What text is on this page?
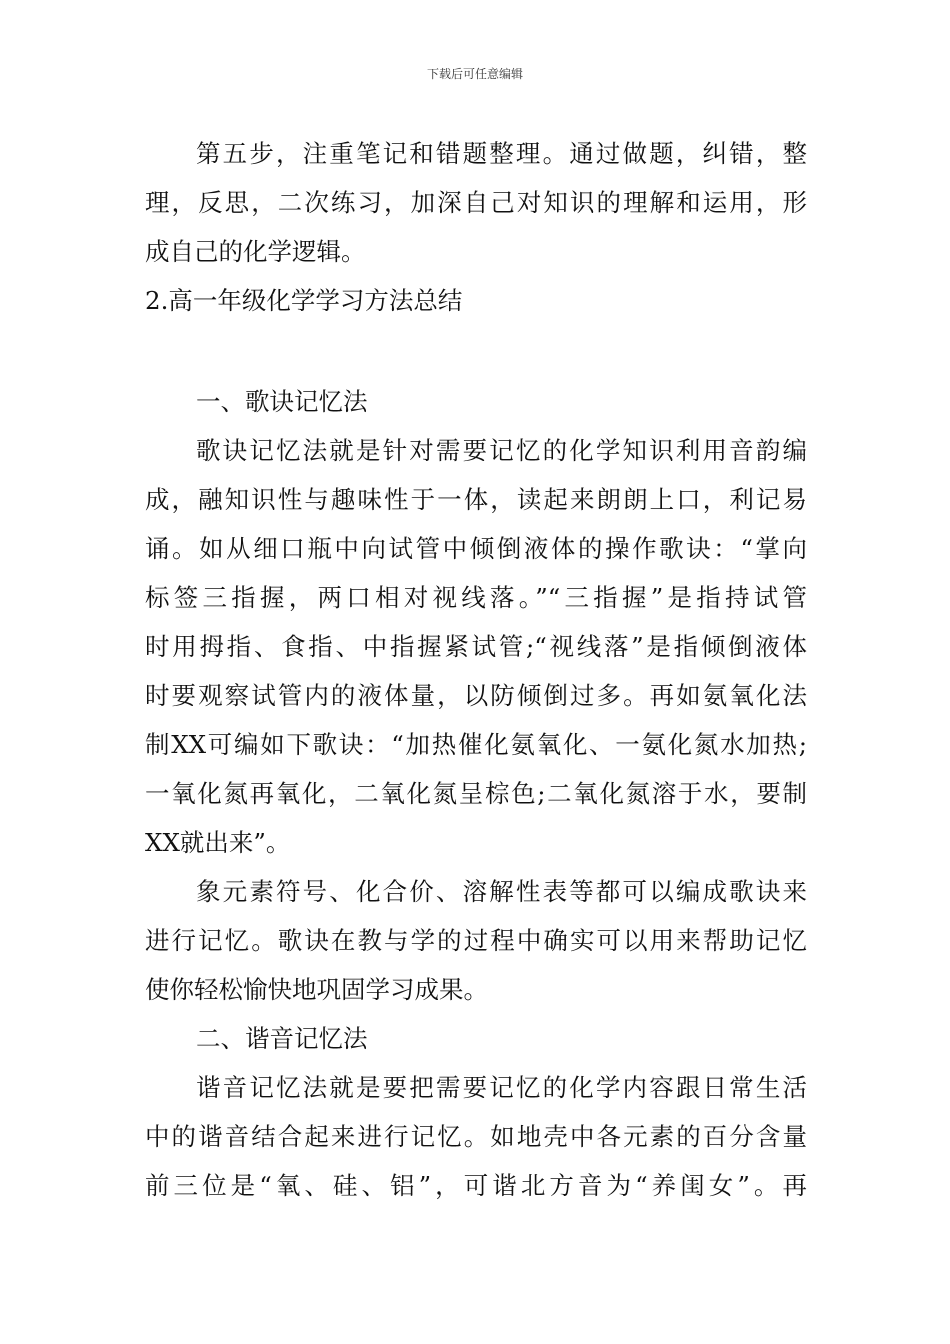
下载后可任意编辑
第五步，注重笔记和错题整理。通过做题，纠错，整
理，反思，二次练习，加深自己对知识的理解和运用，形
成自己的化学逻辑。
2.高一年级化学学习方法总结
一、歌诀记忆法
歌诀记忆法就是针对需要记忆的化学知识利用音韵编
成，融知识性与趣味性于一体，读起来朗朗上口，利记易
诵。如从细口瓶中向试管中倾倒液体的操作歌诀：“掌向
标签三指握，两口相对视线落。”“三指握”是指持试管
时用拇指、食指、中指握紧试管;“视线落”是指倾倒液体
时要观察试管内的液体量，以防倾倒过多。再如氨氧化法
制XX可编如下歌诀：“加热催化氨氧化、一氨化氮水加热;
一氧化氮再氧化，二氧化氮呈棕色;二氧化氮溶于水，要制
XX就出来”。
象元素符号、化合价、溶解性表等都可以编成歌诀来
进行记忆。歌诀在教与学的过程中确实可以用来帮助记忆
使你轻松愉快地巩固学习成果。
二、谐音记忆法
谐音记忆法就是要把需要记忆的化学内容跟日常生活
中的谐音结合起来进行记忆。如地壳中各元素的百分含量
前三位是“氧、硅、铝”，可谐北方音为“养闺女”。再
